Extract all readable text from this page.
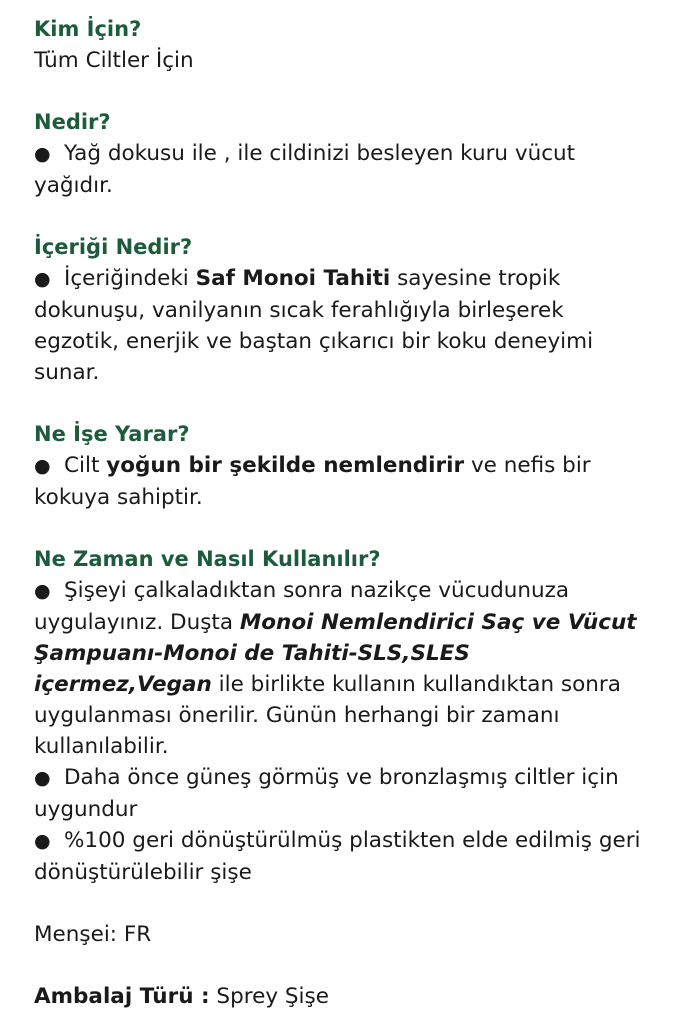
Kim İçin?

Tüm Ciltler İçin

Nedir?

●Yağ dokusu ile , ile cildinizi besleyen kuru vücut yağıdır.

İçeriği Nedir?

●İçeriğindeki Saf Monoi Tahiti sayesine tropik dokunuşu, vanilyanın sıcak ferahlığıyla birleşerek egzotik, enerjik ve baştan çıkarıcı bir koku deneyimi sunar.

Ne İşe Yarar?

●Cilt yoğun bir şekilde nemlendirir ve nefis bir kokuya sahiptir.

Ne Zaman ve Nasıl Kullanılır?

●Şişeyi çalkaladıktan sonra nazikçe vücudunuza uygulayınız. Duşta Monoi Nemlendirici Saç ve Vücut Şampuanı-Monoi de Tahiti-SLS,SLES içermez,Vegan ile birlikte kullanın kullandıktan sonra uygulanması önerilir. Günün herhangi bir zamanı kullanılabilir.

●Daha önce güneş görmüş ve bronzlaşmış ciltler için uygundur

●%100 geri dönüştürülmüş plastikten elde edilmiş geri dönüştürülebilir şişe

Menşei: FR

Ambalaj Türü : Sprey Şişe
